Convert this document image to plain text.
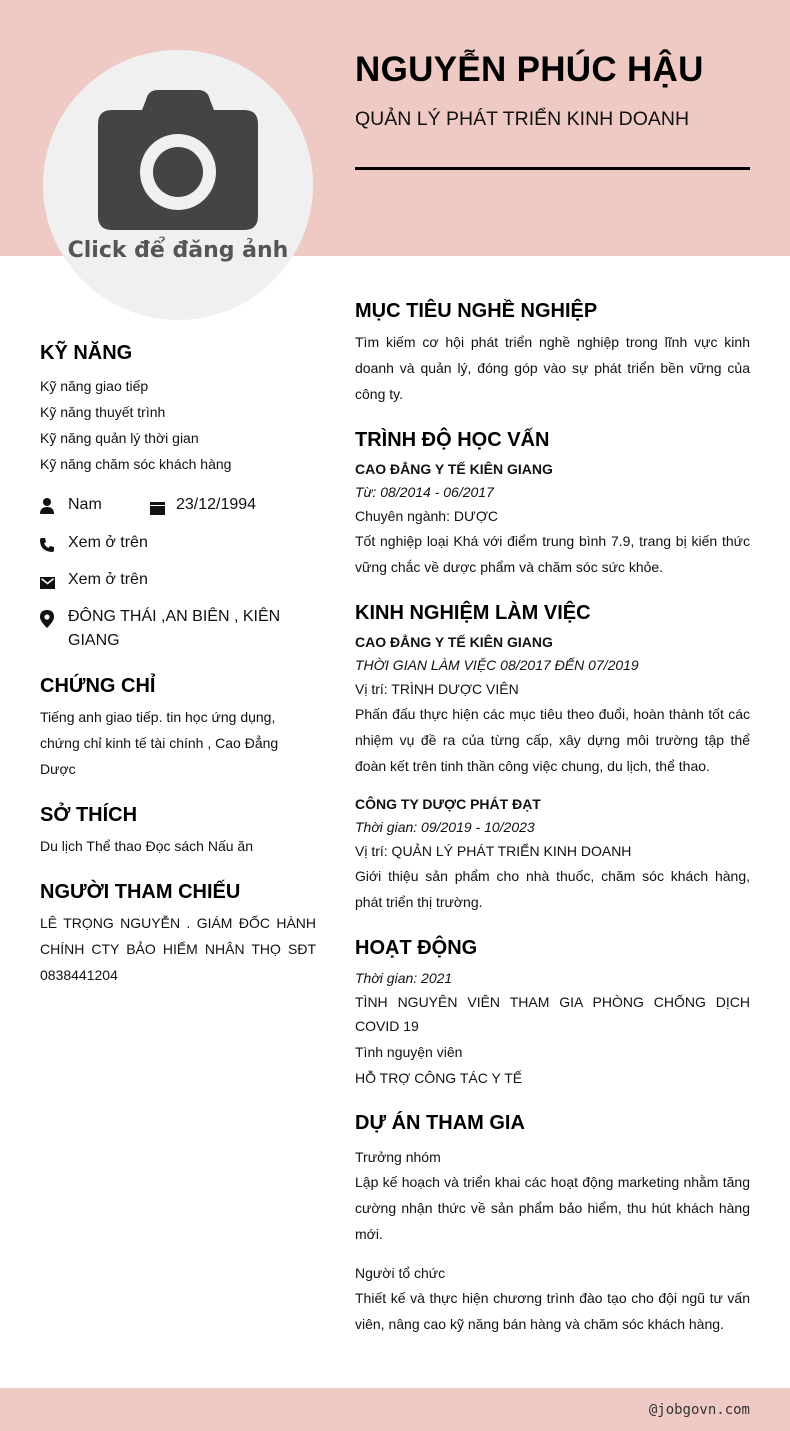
Click để đăng ảnh
NGUYỄN PHÚC HẬU
QUẢN LÝ PHÁT TRIỂN KINH DOANH
KỸ NĂNG
Kỹ năng giao tiếp
Kỹ năng thuyết trình
Kỹ năng quản lý thời gian
Kỹ năng chăm sóc khách hàng
Nam	23/12/1994
Xem ở trên
Xem ở trên
ĐÔNG THÁI ,AN BIÊN , KIÊN GIANG
CHỨNG CHỈ
Tiếng anh giao tiếp. tin học ứng dụng, chứng chỉ kinh tế tài chính , Cao Đẳng Dược
SỞ THÍCH
Du lịch Thể thao Đọc sách Nấu ăn
NGƯỜI THAM CHIẾU
LÊ TRỌNG NGUYỄN . GIÁM ĐỐC HÀNH CHÍNH CTY BẢO HIỂM NHÂN THỌ SĐT 0838441204
MỤC TIÊU NGHỀ NGHIỆP
Tìm kiếm cơ hội phát triển nghề nghiệp trong lĩnh vực kinh doanh và quản lý, đóng góp vào sự phát triển bền vững của công ty.
TRÌNH ĐỘ HỌC VẤN
CAO ĐẲNG Y TẾ KIÊN GIANG
Từ: 08/2014 - 06/2017
Chuyên ngành: DƯỢC
Tốt nghiệp loại Khá với điểm trung bình 7.9, trang bị kiến thức vững chắc về dược phẩm và chăm sóc sức khỏe.
KINH NGHIỆM LÀM VIỆC
CAO ĐẲNG Y TẾ KIÊN GIANG
THỜI GIAN LÀM VIỆC 08/2017 ĐẾN 07/2019
Vị trí: TRÌNH DƯỢC VIÊN
Phấn đấu thực hiện các mục tiêu theo đuổi, hoàn thành tốt các nhiệm vụ đề ra của từng cấp, xây dựng môi trường tập thể đoàn kết trên tinh thần công việc chung, du lịch, thể thao.
CÔNG TY DƯỢC PHÁT ĐẠT
Thời gian: 09/2019 - 10/2023
Vị trí: QUẢN LÝ PHÁT TRIỂN KINH DOANH
Giới thiệu sản phẩm cho nhà thuốc, chăm sóc khách hàng, phát triển thị trường.
HOẠT ĐỘNG
Thời gian: 2021
TÌNH NGUYÊN VIÊN THAM GIA PHÒNG CHỐNG DỊCH COVID 19
Tình nguyện viên
HỖ TRỢ CÔNG TÁC Y TẾ
DỰ ÁN THAM GIA
Trưởng nhóm
Lập kế hoạch và triển khai các hoạt động marketing nhằm tăng cường nhận thức về sản phẩm bảo hiểm, thu hút khách hàng mới.
Người tổ chức
Thiết kế và thực hiện chương trình đào tạo cho đội ngũ tư vấn viên, nâng cao kỹ năng bán hàng và chăm sóc khách hàng.
@jobgovn.com
